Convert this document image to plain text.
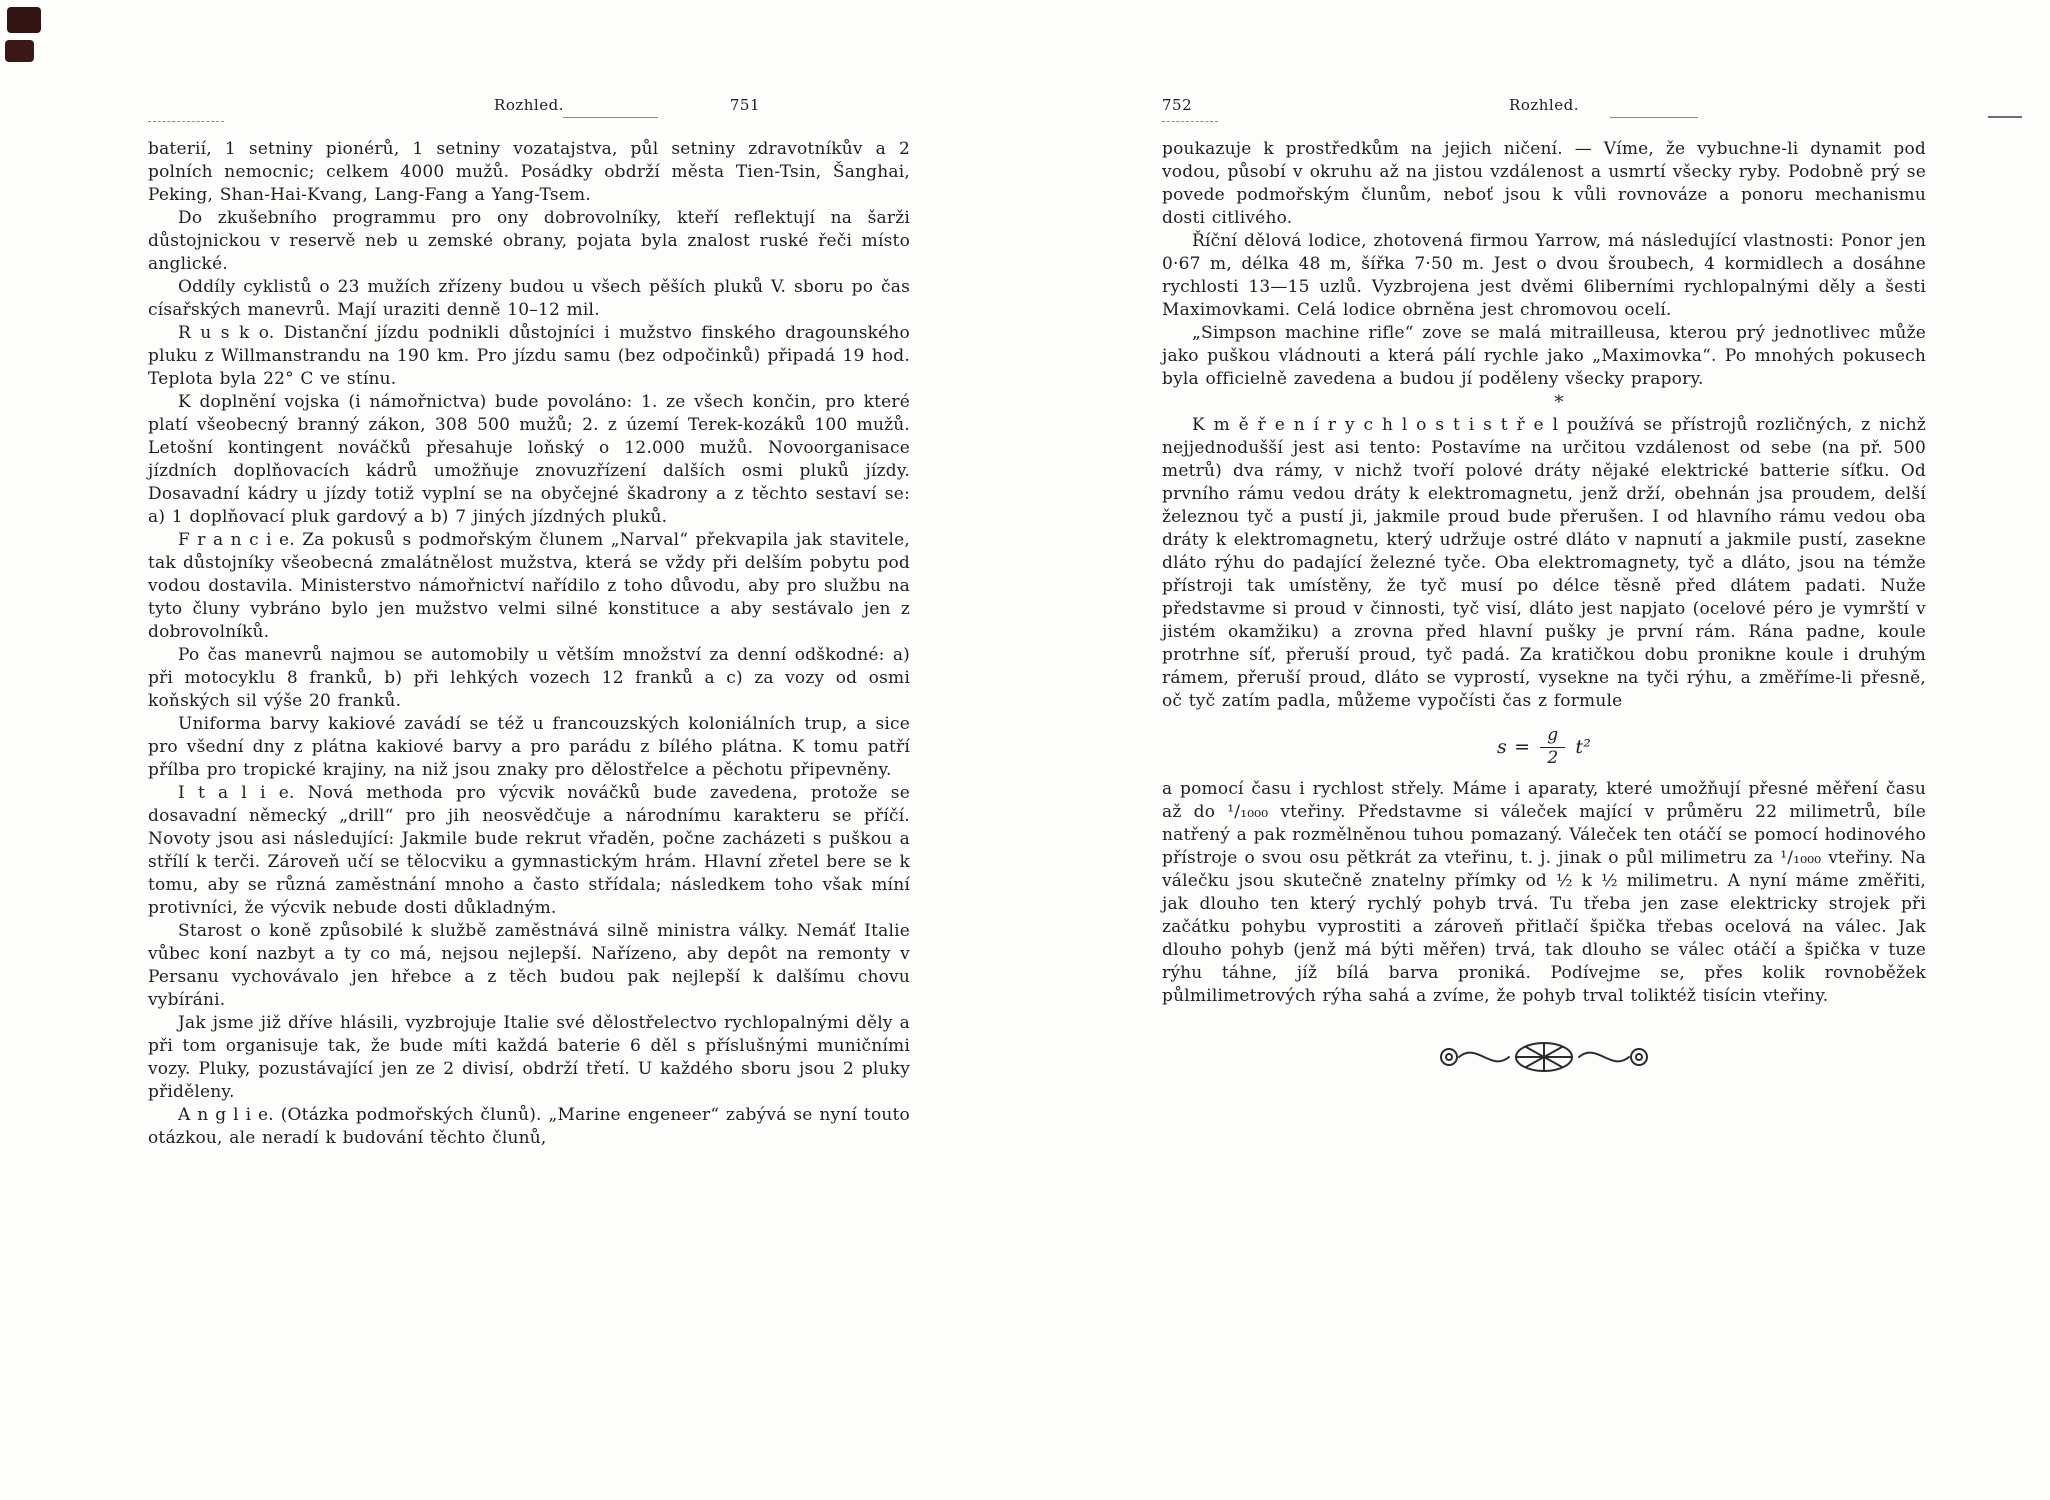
Rozhled.	751

baterií, 1 setniny pionérů, 1 setniny vozatajstva, půl setniny zdravotníkův a 2 polních nemocnic; celkem 4000 mužů. Posádky obdrží města Tien-Tsin, Šanghai, Peking, Shan-Hai-Kvang, Lang-Fang a Yang-Tsem.

Do zkušebního programmu pro ony dobrovolníky, kteří reflektují na šarži důstojnickou v reservě neb u zemské obrany, pojata byla znalost ruské řeči místo anglické.

Oddíly cyklistů o 23 mužích zřízeny budou u všech pěších pluků V. sboru po čas císařských manevrů. Mají uraziti denně 10–12 mil.

R u s k o. Distanční jízdu podnikli důstojníci i mužstvo finského dragounského pluku z Willmanstrandu na 190 km. Pro jízdu samu (bez odpočinků) připadá 19 hod. Teplota byla 22° C ve stínu.

K doplnění vojska (i námořnictva) bude povoláno: 1. ze všech končin, pro které platí všeobecný branný zákon, 308 500 mužů; 2. z území Terek-kozáků 100 mužů. Letošní kontingent nováčků přesahuje loňský o 12.000 mužů. Novoorganisace jízdních doplňovacích kádrů umožňuje znovuzřízení dalších osmi pluků jízdy. Dosavadní kádry u jízdy totiž vyplní se na obyčejné škadrony a z těchto sestaví se: a) 1 doplňovací pluk gardový a b) 7 jiných jízdných pluků.

F r a n c i e. Za pokusů s podmořským člunem „Narval“ překvapila jak stavitele, tak důstojníky všeobecná zmalátnělost mužstva, která se vždy při delším pobytu pod vodou dostavila. Ministerstvo námořnictví nařídilo z toho důvodu, aby pro službu na tyto čluny vybráno bylo jen mužstvo velmi silné konstituce a aby sestávalo jen z dobrovolníků.

Po čas manevrů najmou se automobily u větším množství za denní odškodné: a) při motocyklu 8 franků, b) při lehkých vozech 12 franků a c) za vozy od osmi koňských sil výše 20 franků.

Uniforma barvy kakiové zavádí se též u francouzských koloniálních trup, a sice pro všední dny z plátna kakiové barvy a pro parádu z bílého plátna. K tomu patří přílba pro tropické krajiny, na niž jsou znaky pro dělostřelce a pěchotu připevněny.

I t a l i e. Nová methoda pro výcvik nováčků bude zavedena, protože se dosavadní německý „drill“ pro jih neosvědčuje a národnímu karakteru se příčí. Novoty jsou asi následující: Jakmile bude rekrut vřaděn, počne zacházeti s puškou a střílí k terči. Zároveň učí se tělocviku a gymnastickým hrám. Hlavní zřetel bere se k tomu, aby se různá zaměstnání mnoho a často střídala; následkem toho však míní protivníci, že výcvik nebude dosti důkladným.

Starost o koně způsobilé k službě zaměstnává silně ministra války. Nemáť Italie vůbec koní nazbyt a ty co má, nejsou nejlepší. Nařízeno, aby depôt na remonty v Persanu vychovávalo jen hřebce a z těch budou pak nejlepší k dalšímu chovu vybíráni.

Jak jsme již dříve hlásili, vyzbrojuje Italie své dělostřelectvo rychlopalnými děly a při tom organisuje tak, že bude míti každá baterie 6 děl s příslušnými muničními vozy. Pluky, pozustávající jen ze 2 divisí, obdrží třetí. U každého sboru jsou 2 pluky přiděleny.

A n g l i e. (Otázka podmořských člunů). „Marine engeneer“ zabývá se nyní touto otázkou, ale neradí k budování těchto člunů,

752	Rozhled.

poukazuje k prostředkům na jejich ničení. — Víme, že vybuchne-li dynamit pod vodou, působí v okruhu až na jistou vzdálenost a usmrtí všecky ryby. Podobně prý se povede podmořským člunům, neboť jsou k vůli rovnováze a ponoru mechanismu dosti citlivého.

Říční dělová lodice, zhotovená firmou Yarrow, má následující vlastnosti: Ponor jen 0·67 m, délka 48 m, šířka 7·50 m. Jest o dvou šroubech, 4 kormidlech a dosáhne rychlosti 13—15 uzlů. Vyzbrojena jest dvěmi 6liberními rychlopalnými děly a šesti Maximovkami. Celá lodice obrněna jest chromovou ocelí.

„Simpson machine rifle“ zove se malá mitrailleusa, kterou prý jednotlivec může jako puškou vládnouti a která pálí rychle jako „Maximovka“. Po mnohých pokusech byla officielně zavedena a budou jí poděleny všecky prapory.

*

K m ě ř e n í r y c h l o s t i s t ř e l používá se přístrojů rozličných, z nichž nejjednodušší jest asi tento: Postavíme na určitou vzdálenost od sebe (na př. 500 metrů) dva rámy, v nichž tvoří polové dráty nějaké elektrické batterie síťku. Od prvního rámu vedou dráty k elektromagnetu, jenž drží, obehnán jsa proudem, delší železnou tyč a pustí ji, jakmile proud bude přerušen. I od hlavního rámu vedou oba dráty k elektromagnetu, který udržuje ostré dláto v napnutí a jakmile pustí, zasekne dláto rýhu do padající železné tyče. Oba elektromagnety, tyč a dláto, jsou na témže přístroji tak umístěny, že tyč musí po délce těsně před dlátem padati. Nuže představme si proud v činnosti, tyč visí, dláto jest napjato (ocelové péro je vymrští v jistém okamžiku) a zrovna před hlavní pušky je první rám. Rána padne, koule protrhne síť, přeruší proud, tyč padá. Za kratičkou dobu pronikne koule i druhým rámem, přeruší proud, dláto se vyprostí, vysekne na tyči rýhu, a změříme-li přesně, oč tyč zatím padla, můžeme vypočísti čas z formule

$s = \frac{g}{2} t^2$

a pomocí času i rychlost střely. Máme i aparaty, které umožňují přesné měření času až do ¹/₁₀₀₀ vteřiny. Představme si váleček mající v průměru 22 milimetrů, bíle natřený a pak rozmělněnou tuhou pomazaný. Váleček ten otáčí se pomocí hodinového přístroje o svou osu pětkrát za vteřinu, t. j. jinak o půl milimetru za ¹/₁₀₀₀ vteřiny. Na válečku jsou skutečně znatelny přímky od ½ k ½ milimetru. A nyní máme změřiti, jak dlouho ten který rychlý pohyb trvá. Tu třeba jen zase elektricky strojek při začátku pohybu vyprostiti a zároveň přitlačí špička třebas ocelová na válec. Jak dlouho pohyb (jenž má býti měřen) trvá, tak dlouho se válec otáčí a špička v tuze rýhu táhne, jíž bílá barva proniká. Podívejme se, přes kolik rovnoběžek půlmilimetrových rýha sahá a zvíme, že pohyb trval toliktéž tisícin vteřiny.
